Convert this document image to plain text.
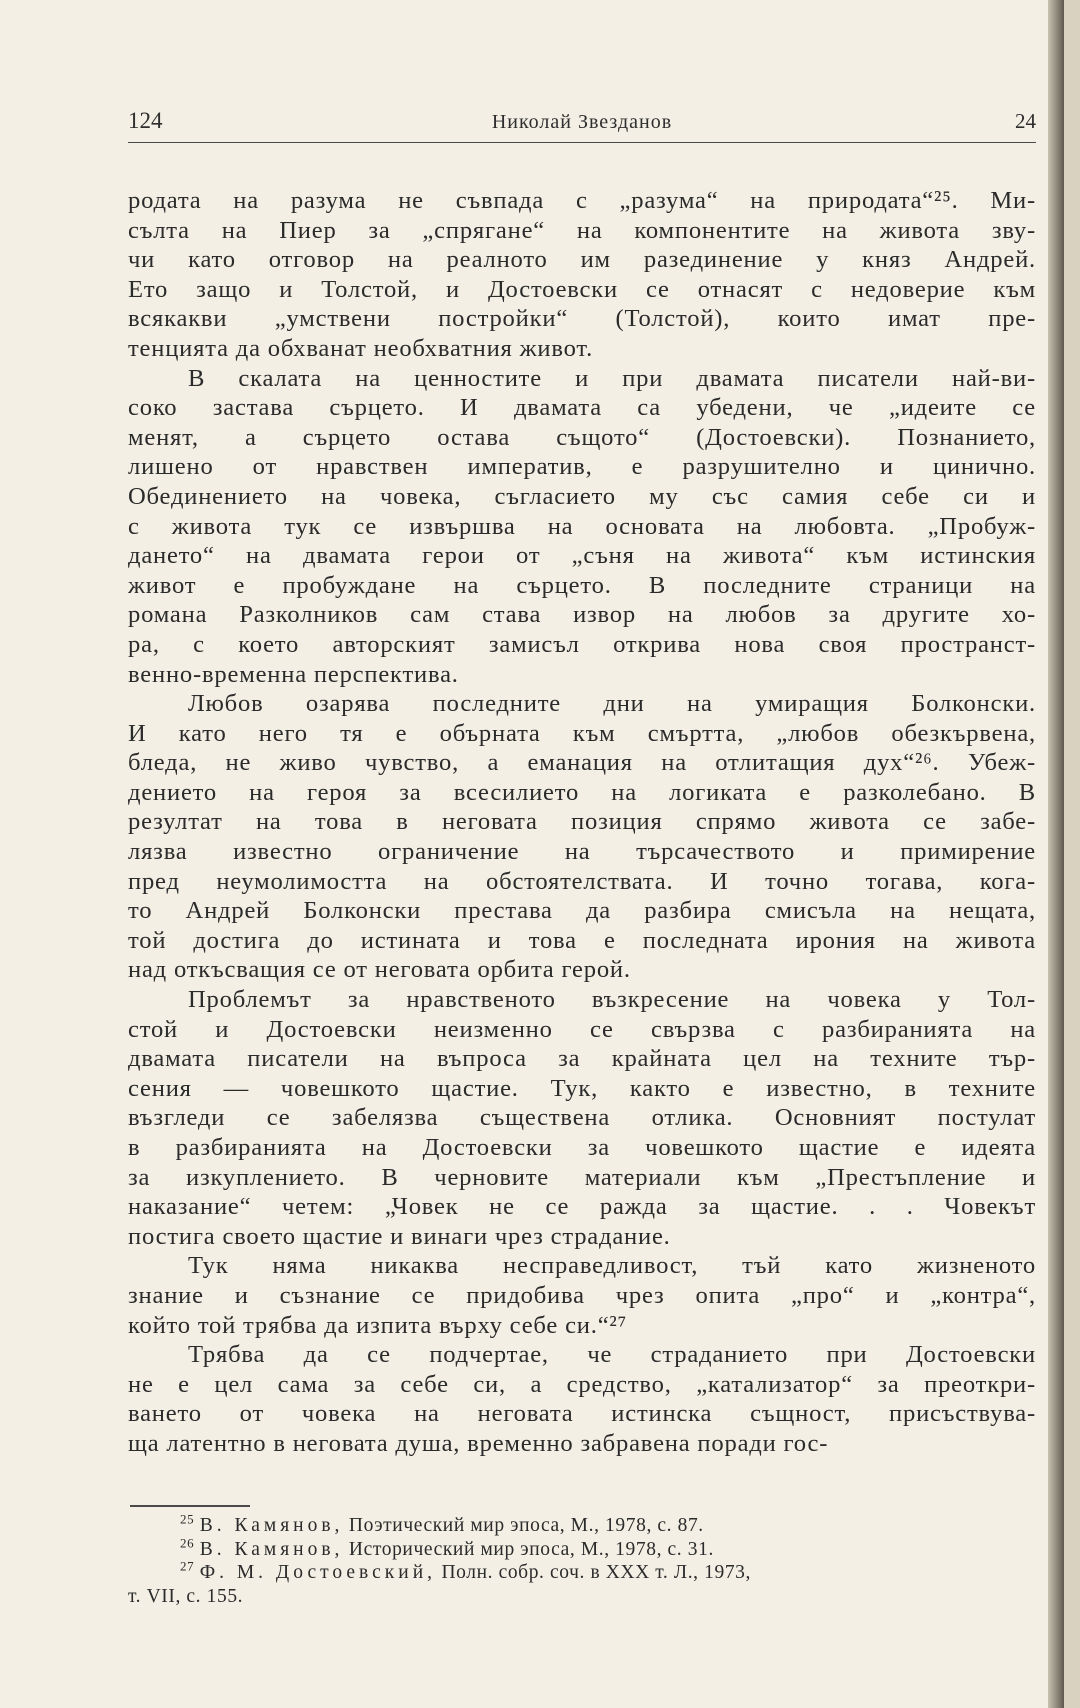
124	Николай Звезданов	24

родата на разума не съвпада с „разума“ на природата“²⁵. Ми-
сълта на Пиер за „спрягане“ на компонентите на живота зву-
чи като отговор на реалното им разединение у княз Андрей.
Ето защо и Толстой, и Достоевски се отнасят с недоверие към
всякакви „умствени постройки“ (Толстой), които имат пре-
тенцията да обхванат необхватния живот.

В скалата на ценностите и при двамата писатели най-ви-
соко застава сърцето. И двамата са убедени, че „идеите се
менят, а сърцето остава същото“ (Достоевски). Познанието,
лишено от нравствен императив, е разрушително и цинично.
Обединението на човека, съгласието му със самия себе си и
с живота тук се извършва на основата на любовта. „Пробуж-
дането“ на двамата герои от „съня на живота“ към истинския
живот е пробуждане на сърцето. В последните страници на
романа Разколников сам става извор на любов за другите хо-
ра, с което авторският замисъл открива нова своя пространст-
венно-временна перспектива.

Любов озарява последните дни на умиращия Болконски.
И като него тя е обърната към смъртта, „любов обезкървена,
бледа, не живо чувство, а еманация на отлитащия дух“²⁶. Убеж-
дението на героя за всесилието на логиката е разколебано. В
резултат на това в неговата позиция спрямо живота се забе-
лязва известно ограничение на търсачеството и примирение
пред неумолимостта на обстоятелствата. И точно тогава, кога-
то Андрей Болконски престава да разбира смисъла на нещата,
той достига до истината и това е последната ирония на живота
над откъсващия се от неговата орбита герой.

Проблемът за нравственото възкресение на човека у Тол-
стой и Достоевски неизменно се свързва с разбиранията на
двамата писатели на въпроса за крайната цел на техните тър-
сения — човешкото щастие. Тук, както е известно, в техните
възгледи се забелязва съществена отлика. Основният постулат
в разбиранията на Достоевски за човешкото щастие е идеята
за изкуплението. В черновите материали към „Престъпление и
наказание“ четем: „Човек не се ражда за щастие. . . Човекът
постига своето щастие и винаги чрез страдание.

Тук няма никаква несправедливост, тъй като жизненото
знание и съзнание се придобива чрез опита „про“ и „контра“,
който той трябва да изпита върху себе си.“²⁷

Трябва да се подчертае, че страданието при Достоевски
не е цел сама за себе си, а средство, „катализатор“ за преоткри-
ването от човека на неговата истинска същност, присъствува-
ща латентно в неговата душа, временно забравена поради гос-

$^{25}$ В. Камянов, Поэтический мир эпоса, М., 1978, с. 87.

$^{26}$ В. Камянов, Исторический мир эпоса, М., 1978, с. 31.

$^{27}$ Ф. М. Достоевский, Полн. собр. соч. в ХХХ т. Л., 1973,

т. VII, с. 155.
